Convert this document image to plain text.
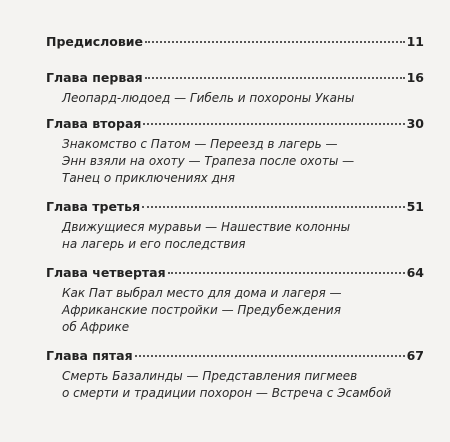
Предисловие	11
Глава первая	16
Леопард-людоед — Гибель и похороны Уканы
Глава вторая	30
Знакомство с Патом — Переезд в лагерь —
Энн взяли на охоту — Трапеза после охоты —
Танец о приключениях дня
Глава третья	51
Движущиеся муравьи — Нашествие колонны
на лагерь и его последствия
Глава четвертая	64
Как Пат выбрал место для дома и лагеря —
Африканские постройки — Предубеждения
об Африке
Глава пятая	67
Смерть Базалинды — Представления пигмеев
о смерти и традиции похорон — Встреча с Эсамбой
